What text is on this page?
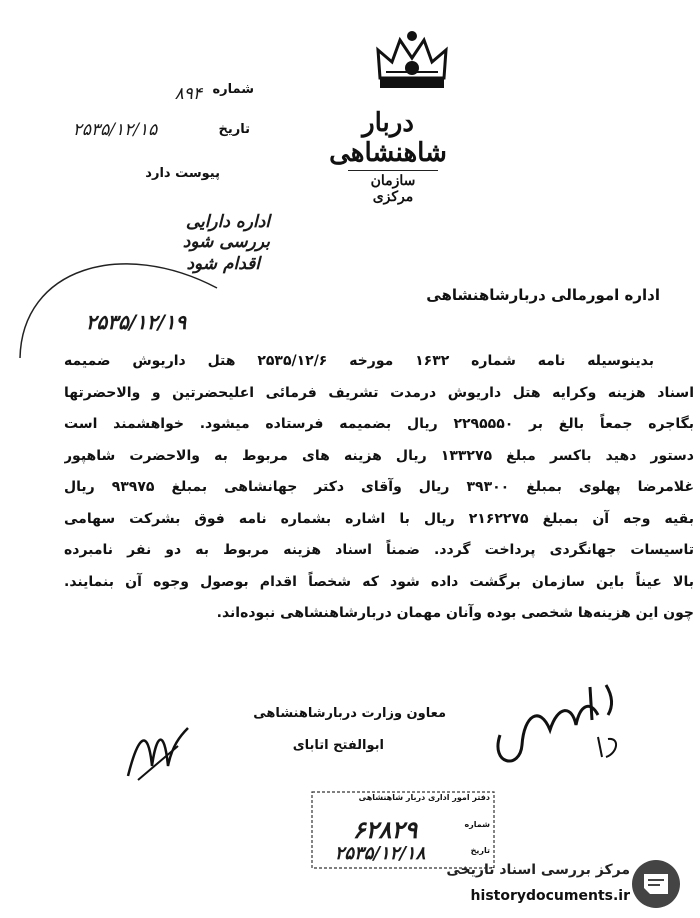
دربار شاهنشاهی
سازمان مرکزی
شماره
۸۹۴
تاریخ
۲۵۳۵/۱۲/۱۵
پیوست دارد
اداره دارایی بررسی شود
اقدام شود
۲۵۳۵/۱۲/۱۹
اداره امورمالی دربارشاهنشاهی
بدینوسیله نامه شماره ۱۶۳۲ مورخه ۲۵۳۵/۱۲/۶ هتل داریوش ضمیمه
اسناد هزینه وکرایه هتل داریوش درمدت تشریف فرمائی اعلیحضرتین و والاحضرتها
بگاجره جمعاً بالغ بر ۲۲۹۵۵۵۰ ریال بضمیمه فرستاده میشود. خواهشمند است
دستور دهید باکسر مبلغ ۱۳۳۲۷۵ ریال هزینه های مربوط به والاحضرت شاهپور
غلامرضا پهلوی بمبلغ ۳۹۳۰۰ ریال وآقای دکتر جهانشاهی بمبلغ ۹۳۹۷۵ ریال
بقیه وجه آن بمبلغ ۲۱۶۲۲۷۵ ریال با اشاره بشماره نامه فوق بشرکت سهامی
تاسیسات جهانگردی پرداخت گردد. ضمناً اسناد هزینه مربوط به دو نفر نامبرده
بالا عیناً باین سازمان برگشت داده شود که شخصاً اقدام بوصول وجوه آن بنمایند.
چون این هزینه‌ها شخصی بوده وآنان مهمان دربارشاهنشاهی نبوده‌اند.
معاون وزارت دربارشاهنشاهی
ابوالفتح اتابای
دفتر امور اداری دربار شاهنشاهی
شماره
۶۲۸۲۹
تاریخ
۲۵۳۵/۱۲/۱۸
مرکز بررسی اسناد تاریخی
historydocuments.ir
